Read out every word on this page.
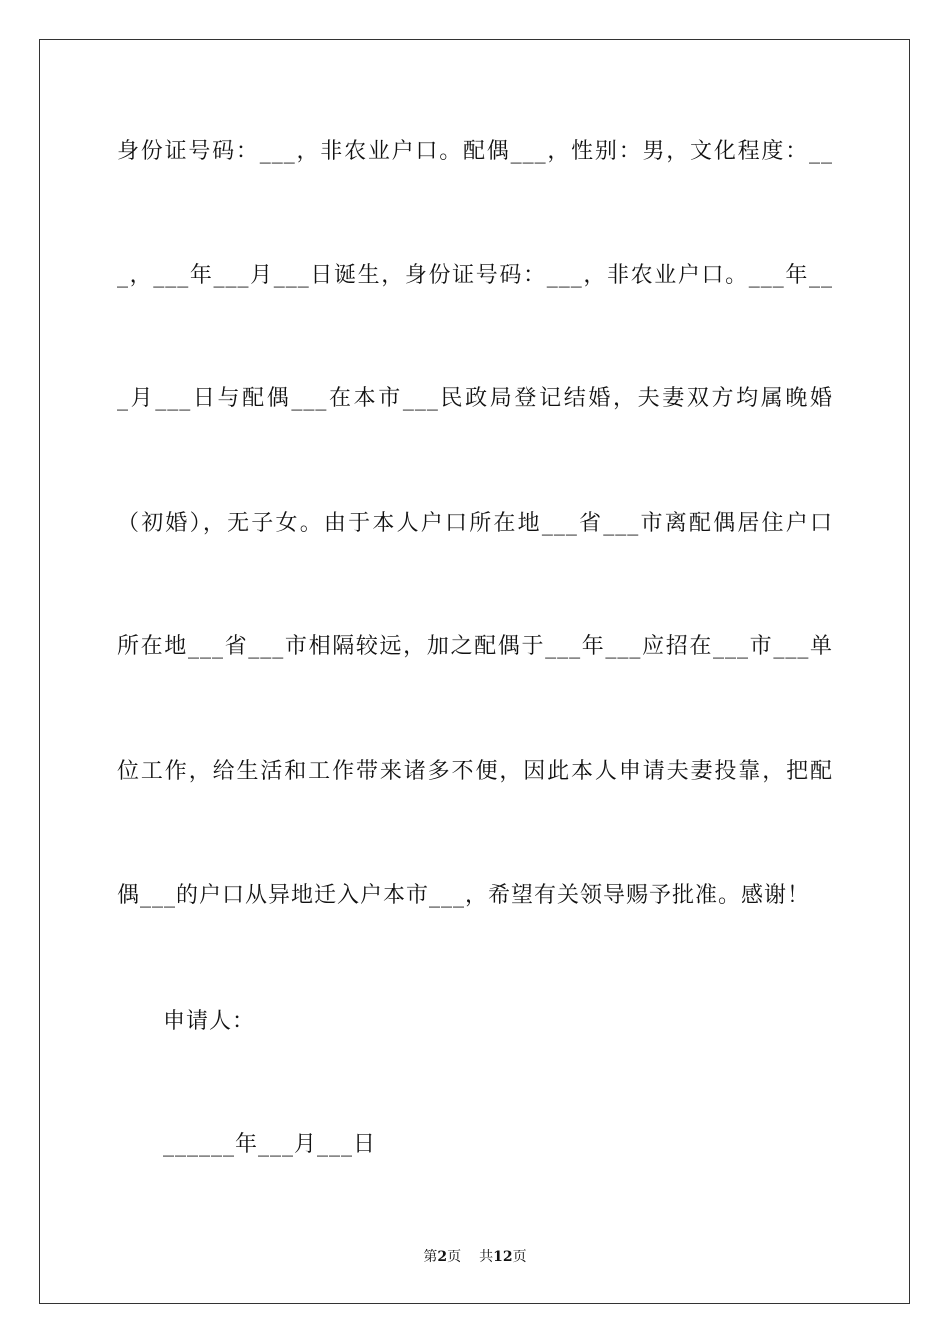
身份证号码：___，非农业户口。配偶___，性别：男，文化程度：__
_，___年___月___日诞生，身份证号码：___，非农业户口。___年__
_月___日与配偶___在本市___民政局登记结婚，夫妻双方均属晚婚
（初婚），无子女。由于本人户口所在地___省___市离配偶居住户口
所在地___省___市相隔较远，加之配偶于___年___应招在___市___单
位工作，给生活和工作带来诸多不便，因此本人申请夫妻投靠，把配
偶___的户口从异地迁入户本市___，希望有关领导赐予批准。感谢！
申请人：
______年___月___日
第2页 共12页
